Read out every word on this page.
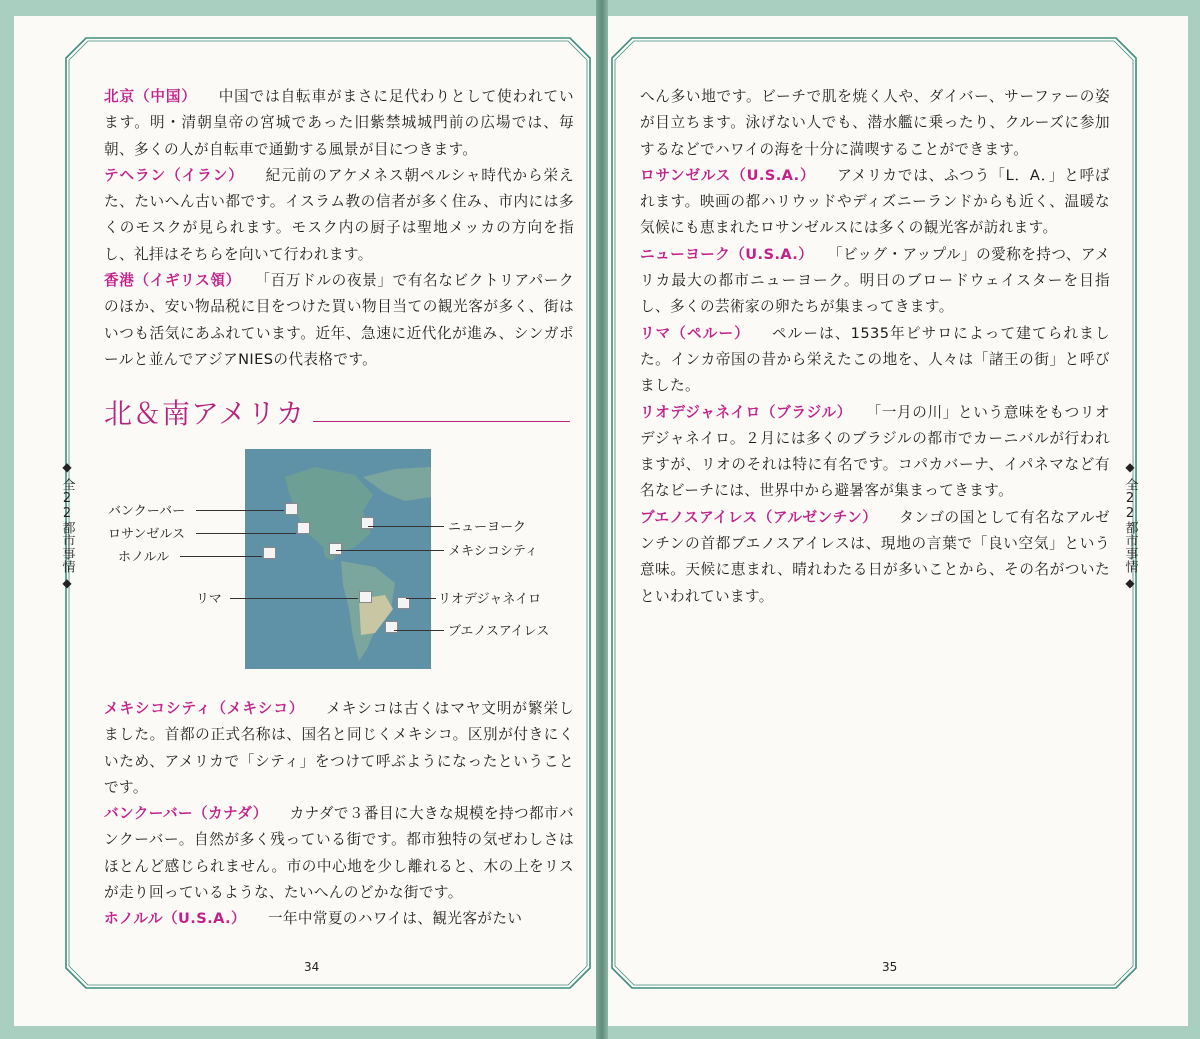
北京（中国） 中国では自転車がまさに足代わりとして使われています。明・清朝皇帝の宮城であった旧紫禁城城門前の広場では、毎朝、多くの人が自転車で通勤する風景が目につきます。

テヘラン（イラン） 紀元前のアケメネス朝ペルシャ時代から栄えた、たいへん古い都です。イスラム教の信者が多く住み、市内には多くのモスクが見られます。モスク内の厨子は聖地メッカの方向を指し、礼拝はそちらを向いて行われます。

香港（イギリス領） 「百万ドルの夜景」で有名なビクトリアパークのほか、安い物品税に目をつけた買い物目当ての観光客が多く、街はいつも活気にあふれています。近年、急速に近代化が進み、シンガポールと並んでアジアNIESの代表格です。

北＆南アメリカ
バンクーバー
ロサンゼルス
ホノルル
リマ
ニューヨーク
メキシコシティ
リオデジャネイロ
ブエノスアイレス

メキシコシティ（メキシコ） メキシコは古くはマヤ文明が繁栄しました。首都の正式名称は、国名と同じくメキシコ。区別が付きにくいため、アメリカで「シティ」をつけて呼ぶようになったということです。

バンクーバー（カナダ） カナダで３番目に大きな規模を持つ都市バンクーバー。自然が多く残っている街です。都市独特の気ぜわしさはほとんど感じられません。市の中心地を少し離れると、木の上をリスが走り回っているような、たいへんのどかな街です。

ホノルル（U.S.A.） 一年中常夏のハワイは、観光客がたい

へん多い地です。ビーチで肌を焼く人や、ダイバー、サーファーの姿が目立ちます。泳げない人でも、潜水艦に乗ったり、クルーズに参加するなどでハワイの海を十分に満喫することができます。

ロサンゼルス（U.S.A.） アメリカでは、ふつう「L．A．」と呼ばれます。映画の都ハリウッドやディズニーランドからも近く、温暖な気候にも恵まれたロサンゼルスには多くの観光客が訪れます。

ニューヨーク（U.S.A.） 「ビッグ・アップル」の愛称を持つ、アメリカ最大の都市ニューヨーク。明日のブロードウェイスターを目指し、多くの芸術家の卵たちが集まってきます。

リマ（ペルー） ペルーは、1535年ピサロによって建てられました。インカ帝国の昔から栄えたこの地を、人々は「諸王の街」と呼びました。

リオデジャネイロ（ブラジル） 「一月の川」という意味をもつリオデジャネイロ。２月には多くのブラジルの都市でカーニバルが行われますが、リオのそれは特に有名です。コパカバーナ、イパネマなど有名なビーチには、世界中から避暑客が集まってきます。

ブエノスアイレス（アルゼンチン） タンゴの国として有名なアルゼンチンの首都ブエノスアイレスは、現地の言葉で「良い空気」という意味。天候に恵まれ、晴れわたる日が多いことから、その名がついたといわれています。

◆
全22都市事情
◆
◆
全22都市事情
◆
34	35
